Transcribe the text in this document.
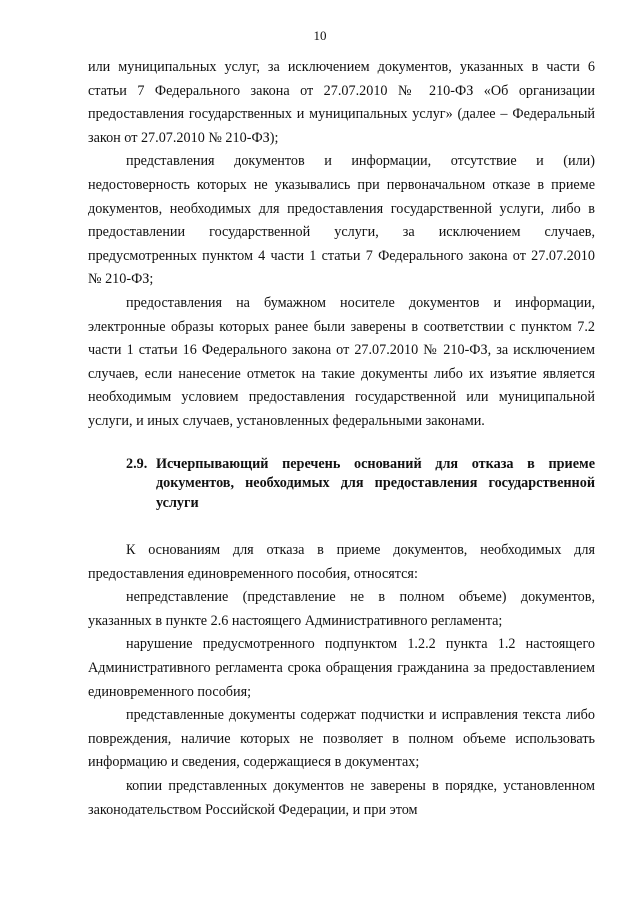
10

или муниципальных услуг, за исключением документов, указанных в части 6 статьи 7 Федерального закона от 27.07.2010 № 210-ФЗ «Об организации предоставления государственных и муниципальных услуг» (далее – Федеральный закон от 27.07.2010 № 210-ФЗ);

представления документов и информации, отсутствие и (или) недостоверность которых не указывались при первоначальном отказе в приеме документов, необходимых для предоставления государственной услуги, либо в предоставлении государственной услуги, за исключением случаев, предусмотренных пунктом 4 части 1 статьи 7 Федерального закона от 27.07.2010 № 210-ФЗ;

предоставления на бумажном носителе документов и информации, электронные образы которых ранее были заверены в соответствии с пунктом 7.2 части 1 статьи 16 Федерального закона от 27.07.2010 № 210-ФЗ, за исключением случаев, если нанесение отметок на такие документы либо их изъятие является необходимым условием предоставления государственной или муниципальной услуги, и иных случаев, установленных федеральными законами.

2.9. Исчерпывающий перечень оснований для отказа в приеме документов, необходимых для предоставления государственной услуги

К основаниям для отказа в приеме документов, необходимых для предоставления единовременного пособия, относятся:

непредставление (представление не в полном объеме) документов, указанных в пункте 2.6 настоящего Административного регламента;

нарушение предусмотренного подпунктом 1.2.2 пункта 1.2 настоящего Административного регламента срока обращения гражданина за предоставлением единовременного пособия;

представленные документы содержат подчистки и исправления текста либо повреждения, наличие которых не позволяет в полном объеме использовать информацию и сведения, содержащиеся в документах;

копии представленных документов не заверены в порядке, установленном законодательством Российской Федерации, и при этом
